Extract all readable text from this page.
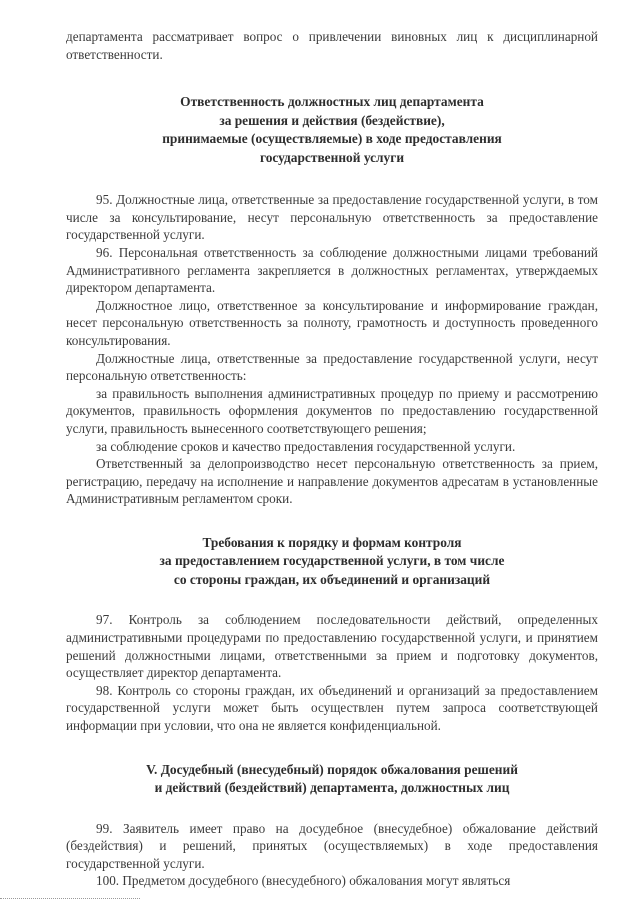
департамента рассматривает вопрос о привлечении виновных лиц к дисциплинарной ответственности.

Ответственность должностных лиц департамента
за решения и действия (бездействие),
принимаемые (осуществляемые) в ходе предоставления
государственной услуги

95. Должностные лица, ответственные за предоставление государственной услуги, в том числе за консультирование, несут персональную ответственность за предоставление государственной услуги.

96. Персональная ответственность за соблюдение должностными лицами требований Административного регламента закрепляется в должностных регламентах, утверждаемых директором департамента.

Должностное лицо, ответственное за консультирование и информирование граждан, несет персональную ответственность за полноту, грамотность и доступность проведенного консультирования.

Должностные лица, ответственные за предоставление государственной услуги, несут персональную ответственность:

за правильность выполнения административных процедур по приему и рассмотрению документов, правильность оформления документов по предоставлению государственной услуги, правильность вынесенного соответствующего решения;

за соблюдение сроков и качество предоставления государственной услуги.

Ответственный за делопроизводство несет персональную ответственность за прием, регистрацию, передачу на исполнение и направление документов адресатам в установленные Административным регламентом сроки.

Требования к порядку и формам контроля
за предоставлением государственной услуги, в том числе
со стороны граждан, их объединений и организаций

97. Контроль за соблюдением последовательности действий, определенных административными процедурами по предоставлению государственной услуги, и принятием решений должностными лицами, ответственными за прием и подготовку документов, осуществляет директор департамента.

98. Контроль со стороны граждан, их объединений и организаций за предоставлением государственной услуги может быть осуществлен путем запроса соответствующей информации при условии, что она не является конфиденциальной.

V. Досудебный (внесудебный) порядок обжалования решений
и действий (бездействий) департамента, должностных лиц

99. Заявитель имеет право на досудебное (внесудебное) обжалование действий (бездействия) и решений, принятых (осуществляемых) в ходе предоставления государственной услуги.

100. Предметом досудебного (внесудебного) обжалования могут являться
